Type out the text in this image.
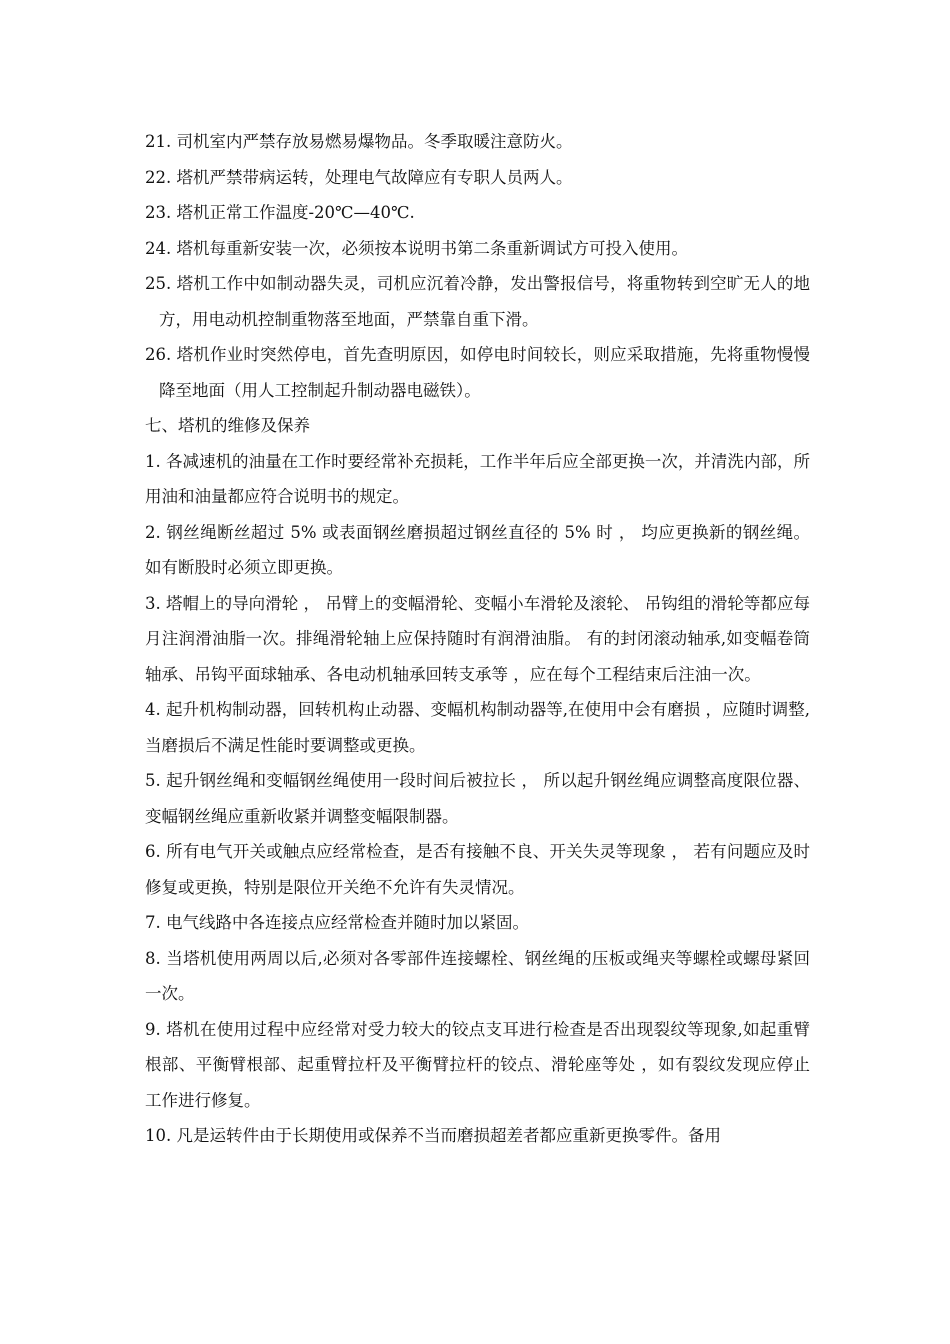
21. 司机室内严禁存放易燃易爆物品。冬季取暖注意防火。
22. 塔机严禁带病运转，处理电气故障应有专职人员两人。
23. 塔机正常工作温度-20℃—40℃.
24. 塔机每重新安装一次，必须按本说明书第二条重新调试方可投入使用。
25. 塔机工作中如制动器失灵，司机应沉着冷静，发出警报信号，将重物转到空旷无人的地方，用电动机控制重物落至地面，严禁靠自重下滑。
26. 塔机作业时突然停电，首先查明原因，如停电时间较长，则应采取措施，先将重物慢慢降至地面（用人工控制起升制动器电磁铁）。
七、塔机的维修及保养
1. 各减速机的油量在工作时要经常补充损耗，工作半年后应全部更换一次，并清洗内部，所用油和油量都应符合说明书的规定。
2. 钢丝绳断丝超过 5% 或表面钢丝磨损超过钢丝直径的 5% 时 ， 均应更换新的钢丝绳。如有断股时必须立即更换。
3. 塔帽上的导向滑轮 ， 吊臂上的变幅滑轮、变幅小车滑轮及滚轮、 吊钩组的滑轮等都应每月注润滑油脂一次。排绳滑轮轴上应保持随时有润滑油脂。 有的封闭滚动轴承,如变幅卷筒轴承、吊钩平面球轴承、各电动机轴承回转支承等 ，应在每个工程结束后注油一次。
4. 起升机构制动器，回转机构止动器、变幅机构制动器等,在使用中会有磨损 ，应随时调整,当磨损后不满足性能时要调整或更换。
5. 起升钢丝绳和变幅钢丝绳使用一段时间后被拉长 ， 所以起升钢丝绳应调整高度限位器、变幅钢丝绳应重新收紧并调整变幅限制器。
6. 所有电气开关或触点应经常检查，是否有接触不良、开关失灵等现象 ， 若有问题应及时修复或更换，特别是限位开关绝不允许有失灵情况。
7. 电气线路中各连接点应经常检查并随时加以紧固。
8. 当塔机使用两周以后,必须对各零部件连接螺栓、钢丝绳的压板或绳夹等螺栓或螺母紧回一次。
9. 塔机在使用过程中应经常对受力较大的铰点支耳进行检查是否出现裂纹等现象,如起重臂根部、平衡臂根部、起重臂拉杆及平衡臂拉杆的铰点、滑轮座等处 ，如有裂纹发现应停止工作进行修复。
10. 凡是运转件由于长期使用或保养不当而磨损超差者都应重新更换零件。备用
